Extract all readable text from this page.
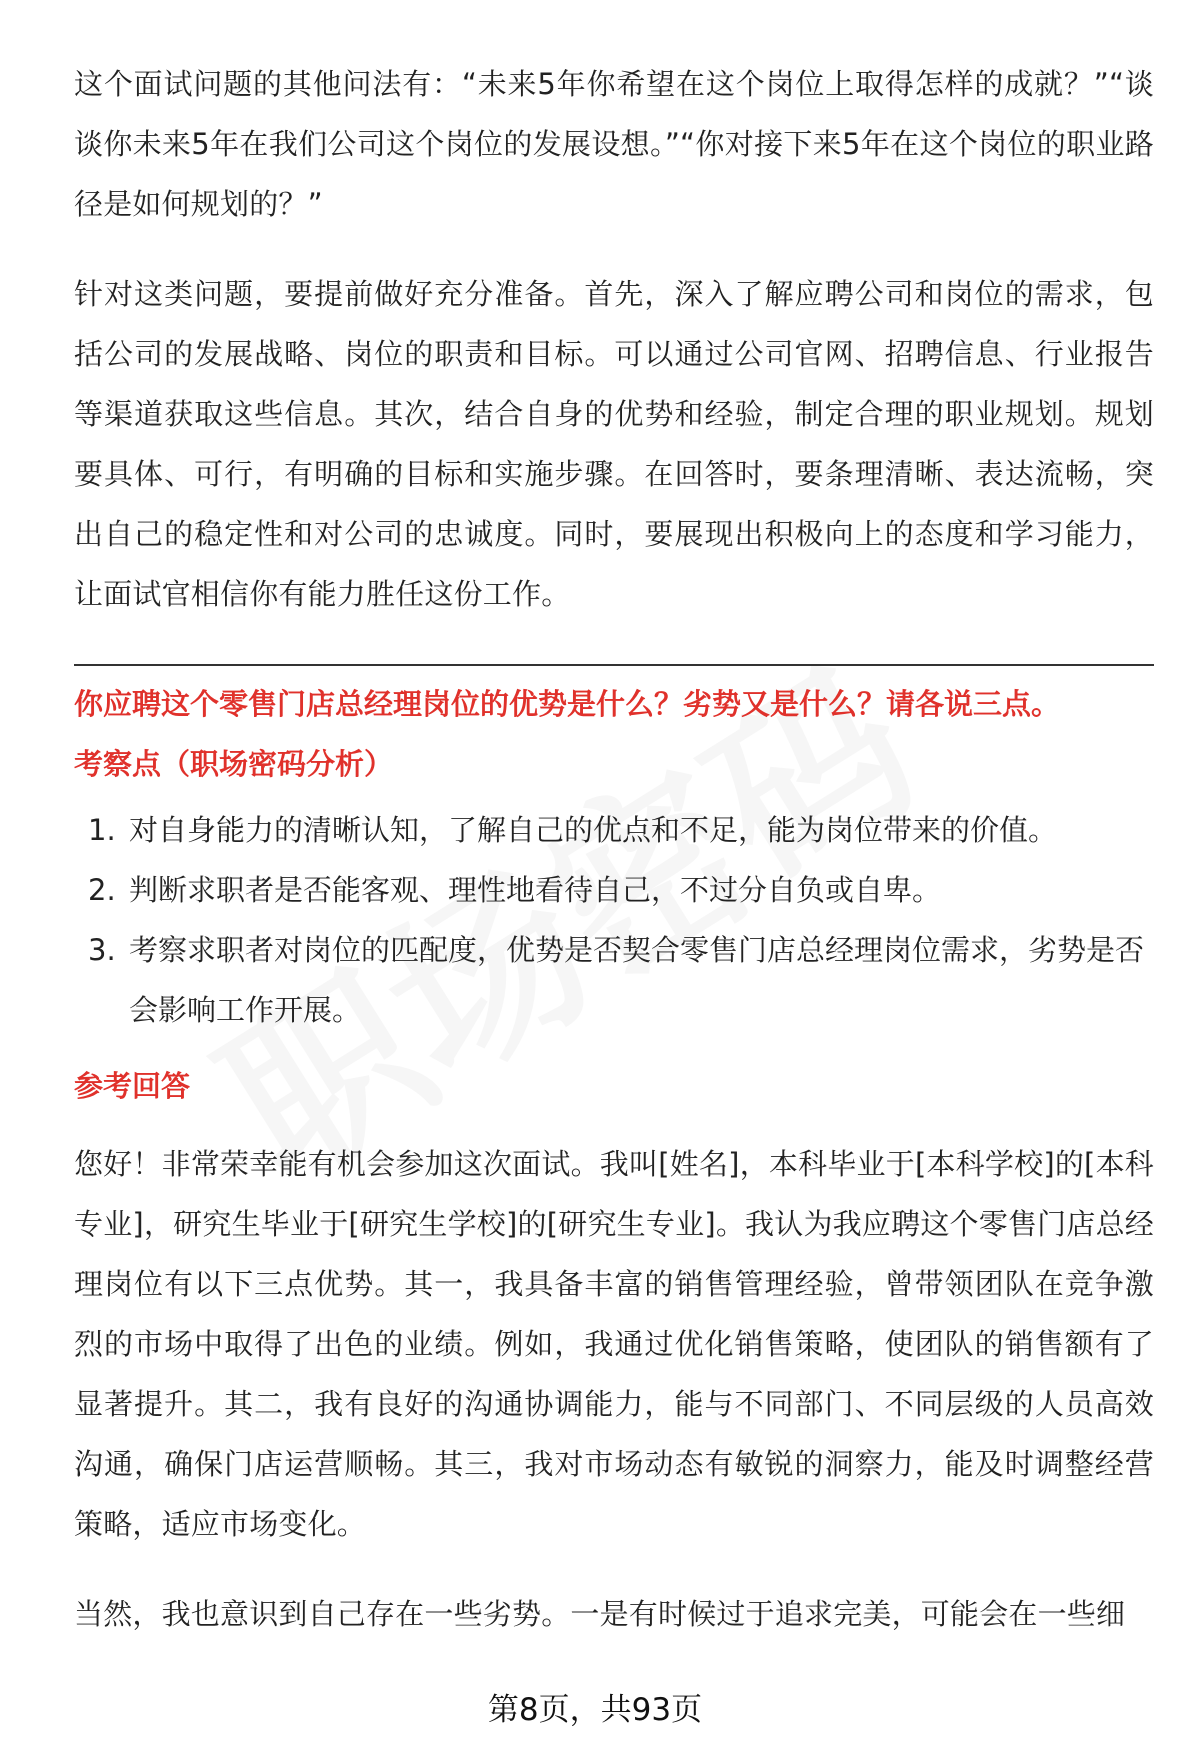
这个面试问题的其他问法有：“未来5年你希望在这个岗位上取得怎样的成就？”“谈谈你未来5年在我们公司这个岗位的发展设想。”“你对接下来5年在这个岗位的职业路径是如何规划的？”

针对这类问题，要提前做好充分准备。首先，深入了解应聘公司和岗位的需求，包括公司的发展战略、岗位的职责和目标。可以通过公司官网、招聘信息、行业报告等渠道获取这些信息。其次，结合自身的优势和经验，制定合理的职业规划。规划要具体、可行，有明确的目标和实施步骤。在回答时，要条理清晰、表达流畅，突出自己的稳定性和对公司的忠诚度。同时，要展现出积极向上的态度和学习能力，让面试官相信你有能力胜任这份工作。

你应聘这个零售门店总经理岗位的优势是什么？劣势又是什么？请各说三点。

考察点（职场密码分析）

1. 对自身能力的清晰认知，了解自己的优点和不足，能为岗位带来的价值。
2. 判断求职者是否能客观、理性地看待自己，不过分自负或自卑。
3. 考察求职者对岗位的匹配度，优势是否契合零售门店总经理岗位需求，劣势是否会影响工作开展。

参考回答

您好！非常荣幸能有机会参加这次面试。我叫[姓名]，本科毕业于[本科学校]的[本科专业]，研究生毕业于[研究生学校]的[研究生专业]。我认为我应聘这个零售门店总经理岗位有以下三点优势。其一，我具备丰富的销售管理经验，曾带领团队在竞争激烈的市场中取得了出色的业绩。例如，我通过优化销售策略，使团队的销售额有了显著提升。其二，我有良好的沟通协调能力，能与不同部门、不同层级的人员高效沟通，确保门店运营顺畅。其三，我对市场动态有敏锐的洞察力，能及时调整经营策略，适应市场变化。

当然，我也意识到自己存在一些劣势。一是有时候过于追求完美，可能会在一些细

第8页，共93页
